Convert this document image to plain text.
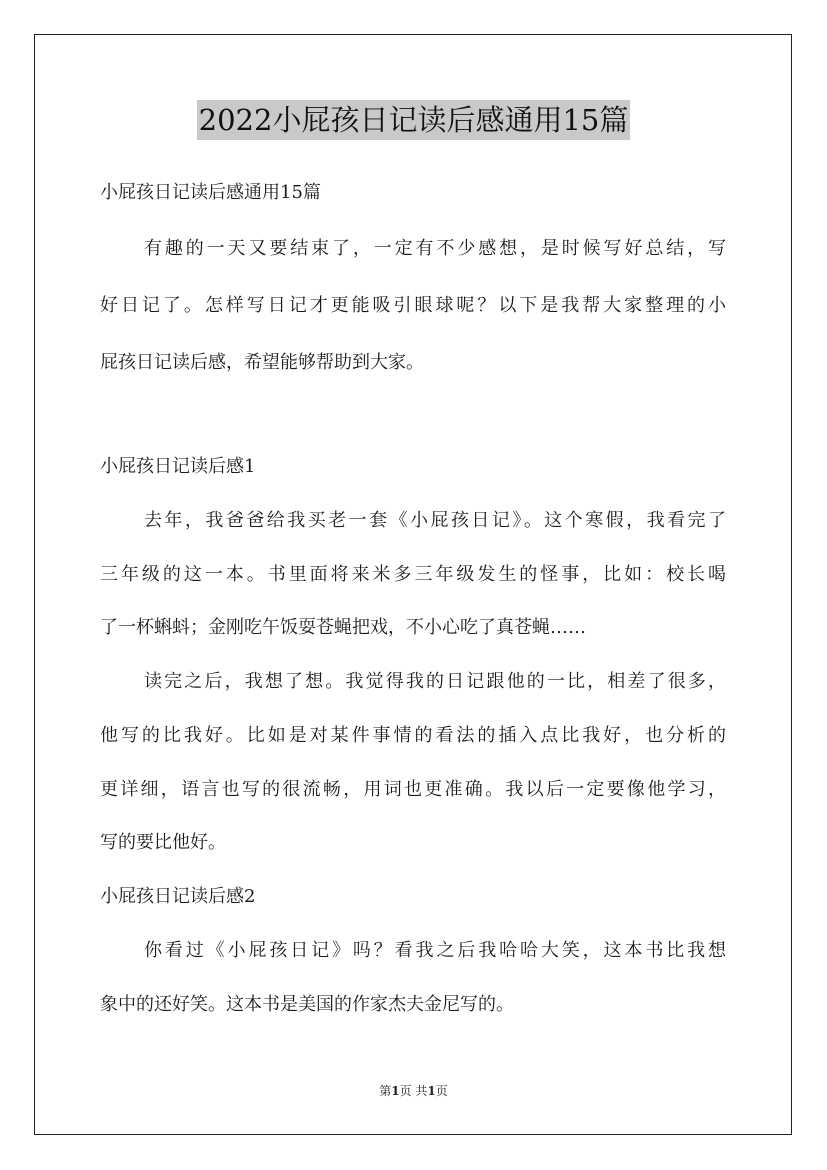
2022小屁孩日记读后感通用15篇
小屁孩日记读后感通用15篇
有趣的一天又要结束了，一定有不少感想，是时候写好总结，写
好日记了。怎样写日记才更能吸引眼球呢？以下是我帮大家整理的小
屁孩日记读后感，希望能够帮助到大家。
小屁孩日记读后感1
去年，我爸爸给我买老一套《小屁孩日记》。这个寒假，我看完了
三年级的这一本。书里面将来米多三年级发生的怪事，比如：校长喝
了一杯蝌蚪；金刚吃午饭耍苍蝇把戏，不小心吃了真苍蝇……
读完之后，我想了想。我觉得我的日记跟他的一比，相差了很多，
他写的比我好。比如是对某件事情的看法的插入点比我好，也分析的
更详细，语言也写的很流畅，用词也更准确。我以后一定要像他学习，
写的要比他好。
小屁孩日记读后感2
你看过《小屁孩日记》吗？看我之后我哈哈大笑，这本书比我想
象中的还好笑。这本书是美国的作家杰夫金尼写的。
第1页 共1页
